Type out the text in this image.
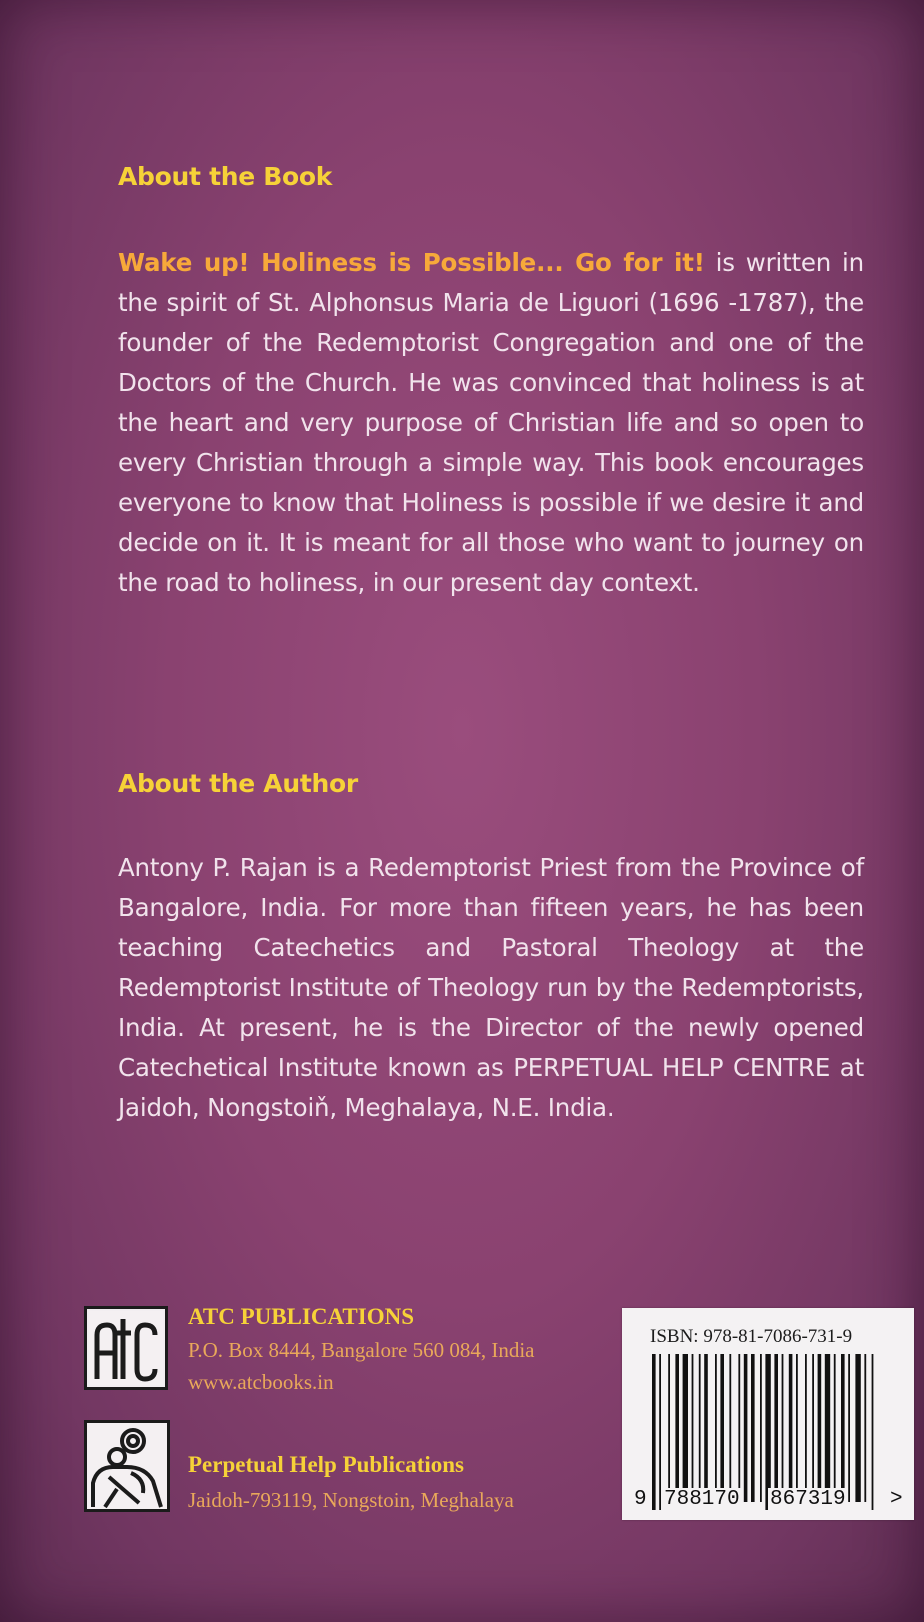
About the Book

Wake up! Holiness is Possible... Go for it! is written in the spirit of St. Alphonsus Maria de Liguori (1696 -1787), the founder of the Redemptorist Congregation and one of the Doctors of the Church. He was convinced that holiness is at the heart and very purpose of Christian life and so open to every Christian through a simple way. This book encourages everyone to know that Holiness is possible if we desire it and decide on it. It is meant for all those who want to journey on the road to holiness, in our present day context.

About the Author

Antony P. Rajan is a Redemptorist Priest from the Province of Bangalore, India. For more than fifteen years, he has been teaching Catechetics and Pastoral Theology at the Redemptorist Institute of Theology run by the Redemptorists, India. At present, he is the Director of the newly opened Catechetical Institute known as PERPETUAL HELP CENTRE at Jaidoh, Nongstoiň, Meghalaya, N.E. India.

ATC PUBLICATIONS

P.O. Box 8444, Bangalore 560 084, India

www.atcbooks.in

Perpetual Help Publications

Jaidoh-793119, Nongstoin, Meghalaya

ISBN: 978-81-7086-731-9
9 788170 867319 >
